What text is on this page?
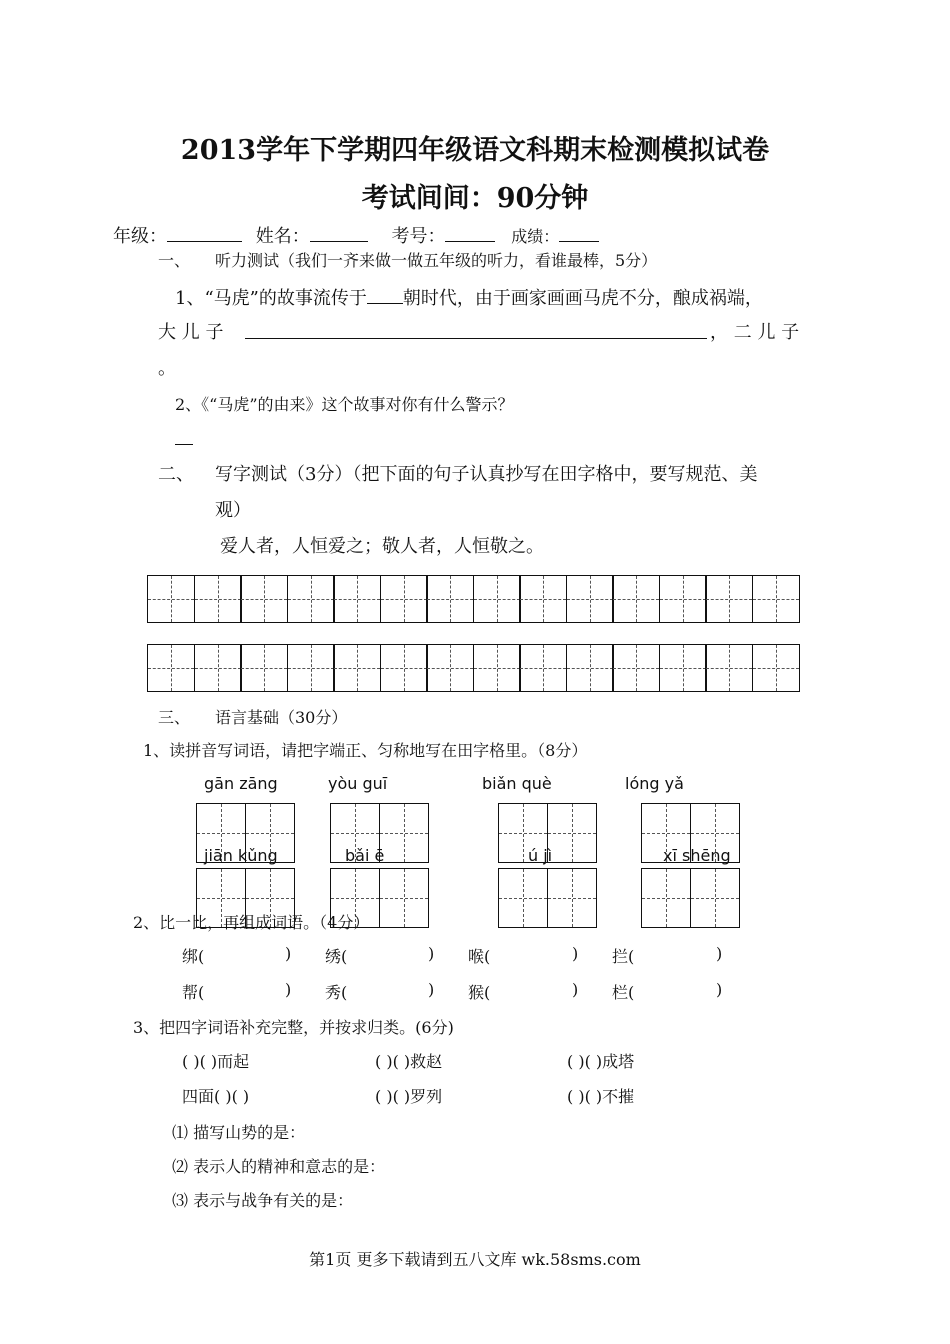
2013学年下学期四年级语文科期末检测模拟试卷
考试间间：90分钟
年级：	姓名：	考号：	成绩：
一、 听力测试（我们一齐来做一做五年级的听力，看谁最棒，5分）
1、“马虎”的故事流传于 朝时代，由于画家画画马虎不分，酿成祸端，
大 儿 子	， 二 儿 子
。
2、《“马虎”的由来》这个故事对你有什么警示？
二、 写字测试（3分）（把下面的句子认真抄写在田字格中，要写规范、美
观）
爱人者，人恒爱之；敬人者，人恒敬之。
三、 语言基础（30分）
1、读拼音写词语，请把字端正、匀称地写在田字格里。（8分）
gān zāng	yòu guī	biǎn què	lóng yǎ
jiān kǔng	bǎi ē	ú jì	xī shēng
2、比一比，再组成词语。（4分）
绑(	) 绣(	) 喉(	) 拦(	)
帮(	) 秀(	) 猴(	) 栏(	)
3、把四字词语补充完整，并按求归类。(6分)
( )( )而起	( )( )救赵	( )( )成塔
四面( )( )	( )( )罗列	( )( )不摧
⑴ 描写山势的是：
⑵ 表示人的精神和意志的是：
⑶ 表示与战争有关的是：
第1页 更多下载请到五八文库 wk.58sms.com
